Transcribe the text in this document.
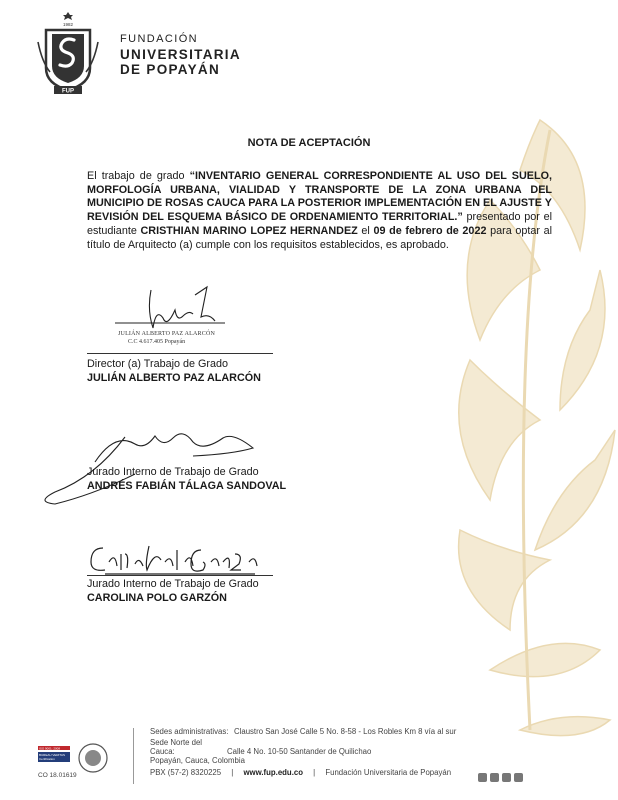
1982
FUP
FUNDACIÓN
UNIVERSITARIA
DE POPAYÁN
NOTA DE ACEPTACIÓN
El trabajo de grado “INVENTARIO GENERAL CORRESPONDIENTE AL USO DEL SUELO, MORFOLOGÍA URBANA, VIALIDAD Y TRANSPORTE DE LA ZONA URBANA DEL MUNICIPIO DE ROSAS CAUCA PARA LA POSTERIOR IMPLEMENTACIÓN EN EL AJUSTE Y REVISIÓN DEL ESQUEMA BÁSICO DE ORDENAMIENTO TERRITORIAL.” presentado por el estudiante CRISTHIAN MARINO LOPEZ HERNANDEZ el 09 de febrero de 2022 para optar al título de Arquitecto (a) cumple con los requisitos establecidos, es aprobado.
JULIÁN ALBERTO PAZ ALARCÓN
C.C 4.617.405 Popayán
Director (a) Trabajo de Grado
JULIÁN ALBERTO PAZ ALARCÓN
Jurado Interno de Trabajo de Grado
ANDRÉS FABIÁN TÁLAGA SANDOVAL
Jurado Interno de Trabajo de Grado
CAROLINA POLO GARZÓN
ISO 9001: 2008
BUREAU VERITAS
Certification
CO 18.01619
Sedes administrativas: Claustro San José Calle 5 No. 8-58 - Los Robles Km 8 vía al sur
Sede Norte del Cauca:	Calle 4 No. 10-50 Santander de Quilichao
Popayán, Cauca, Colombia
PBX (57-2) 8320225 | www.fup.edu.co | Fundación Universitaria de Popayán
